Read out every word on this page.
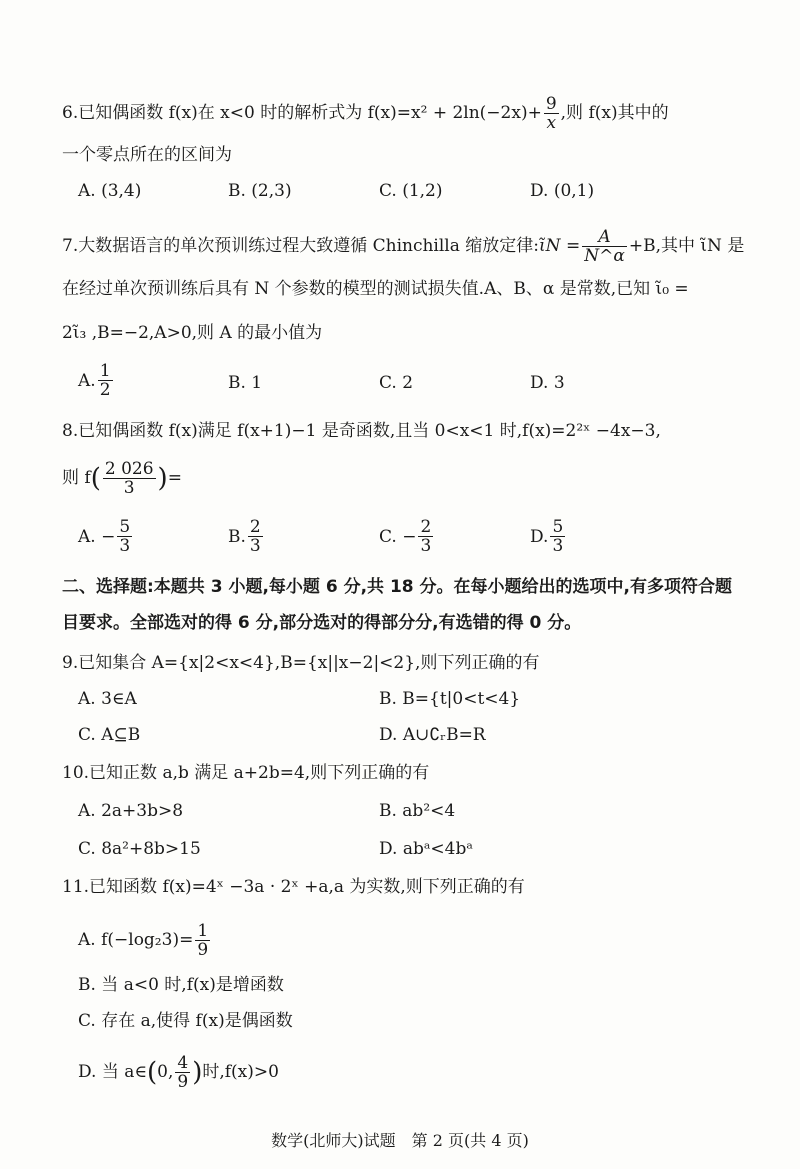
6.已知偶函数 f(x)在 x<0 时的解析式为 $f(x)=x^2 + 2\ln(-2x)+ \frac{9}{x}$ ,则 f(x)其中的
一个零点所在的区间为
A. (3,4)	B. (2,3)	C. (1,2)	D. (0,1)
7.大数据语言的单次预训练过程大致遵循 Chinchilla 缩放定律:ι̃N = $\frac{A}{N\^{}\alpha} +B$,其中 ι̃N 是
在经过单次预训练后具有 N 个参数的模型的测试损失值.A、B、α 是常数,已知 ι̃₀ =
2ι̃₃ ,B=−2,A>0,则 A 的最小值为
A. $\frac{1}{2}$	B. 1	C. 2	D. 3
8.已知偶函数 f(x)满足 f(x+1)−1 是奇函数,且当 0<x<1 时,f(x)=2²ˣ −4x−3,
则 $f( \frac{2 026}{3}$ )=
A. − $\frac{5}{3}$	B. $\frac{2}{3}$	C. − $\frac{2}{3}$	D. $\frac{5}{3}$
二、选择题:本题共 3 小题,每小题 6 分,共 18 分。在每小题给出的选项中,有多项符合题
目要求。全部选对的得 6 分,部分选对的得部分分,有选错的得 0 分。
9.已知集合 A={x|2<x<4},B={x||x−2|<2},则下列正确的有
A. 3∈A	B. B={t|0<t<4}
C. A⊆B	D. A∪∁ᵣB=R
10.已知正数 a,b 满足 a+2b=4,则下列正确的有
A. 2a+3b>8	B. ab²<4
C. 8a²+8b>15	D. abᵃ<4bᵃ
11.已知函数 f(x)=4ˣ −3a · 2ˣ +a,a 为实数,则下列正确的有
A. $f(-\log_23)= \frac{1}{9}$
B. 当 a<0 时,f(x)是增函数
C. 存在 a,使得 f(x)是偶函数
D. 当 a∈(0, $\frac{4}{9}$ )时,f(x)>0
数学(北师大)试题　第 2 页(共 4 页)
